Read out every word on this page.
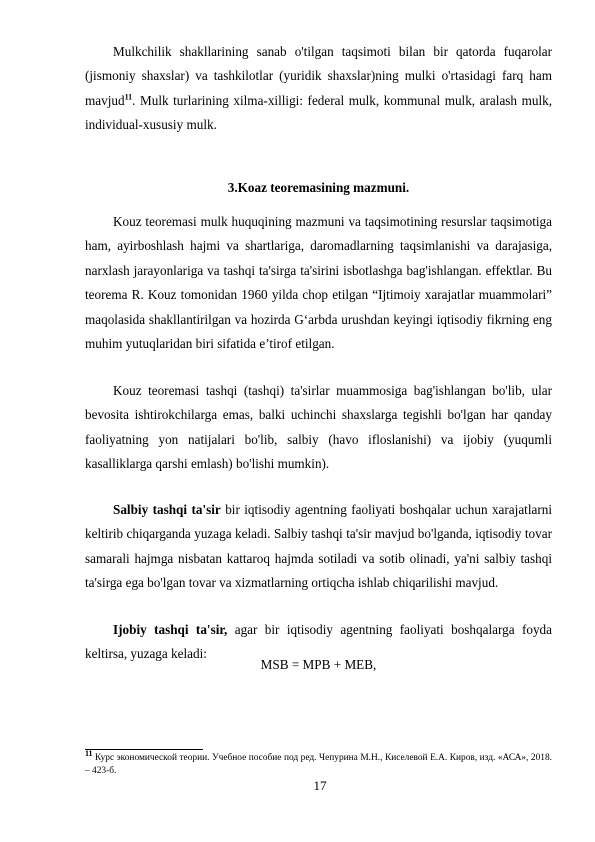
Mulkchilik shakllarining sanab o'tilgan taqsimoti bilan bir qatorda fuqarolar (jismoniy shaxslar) va tashkilotlar (yuridik shaxslar)ning mulki o'rtasidagi farq ham mavjud$^{11}$. Mulk turlarining xilma-xilligi: federal mulk, kommunal mulk, aralash mulk, individual-xususiy mulk.

3.Koaz teoremasining mazmuni.

Kouz teoremasi mulk huquqining mazmuni va taqsimotining resurslar taqsimotiga ham, ayirboshlash hajmi va shartlariga, daromadlarning taqsimlanishi va darajasiga, narxlash jarayonlariga va tashqi ta'sirga ta'sirini isbotlashga bag'ishlangan. effektlar. Bu teorema R. Kouz tomonidan 1960 yilda chop etilgan “Ijtimoiy xarajatlar muammolari” maqolasida shakllantirilgan va hozirda G‘arbda urushdan keyingi iqtisodiy fikrning eng muhim yutuqlaridan biri sifatida e’tirof etilgan.

Kouz teoremasi tashqi (tashqi) ta'sirlar muammosiga bag'ishlangan bo'lib, ular bevosita ishtirokchilarga emas, balki uchinchi shaxslarga tegishli bo'lgan har qanday faoliyatning yon natijalari bo'lib, salbiy (havo ifloslanishi) va ijobiy (yuqumli kasalliklarga qarshi emlash) bo'lishi mumkin).

Salbiy tashqi ta'sir bir iqtisodiy agentning faoliyati boshqalar uchun xarajatlarni keltirib chiqarganda yuzaga keladi. Salbiy tashqi ta'sir mavjud bo'lganda, iqtisodiy tovar samarali hajmga nisbatan kattaroq hajmda sotiladi va sotib olinadi, ya'ni salbiy tashqi ta'sirga ega bo'lgan tovar va xizmatlarning ortiqcha ishlab chiqarilishi mavjud.

Ijobiy tashqi ta'sir, agar bir iqtisodiy agentning faoliyati boshqalarga foyda keltirsa, yuzaga keladi:

MSB = MPB + MEB,

$^{11}$ Курс экономической теории. Учебное пособие под ред. Чепурина М.Н., Киселевой Е.А. Киров, изд. «АСА», 2018. – 423-б.

17
